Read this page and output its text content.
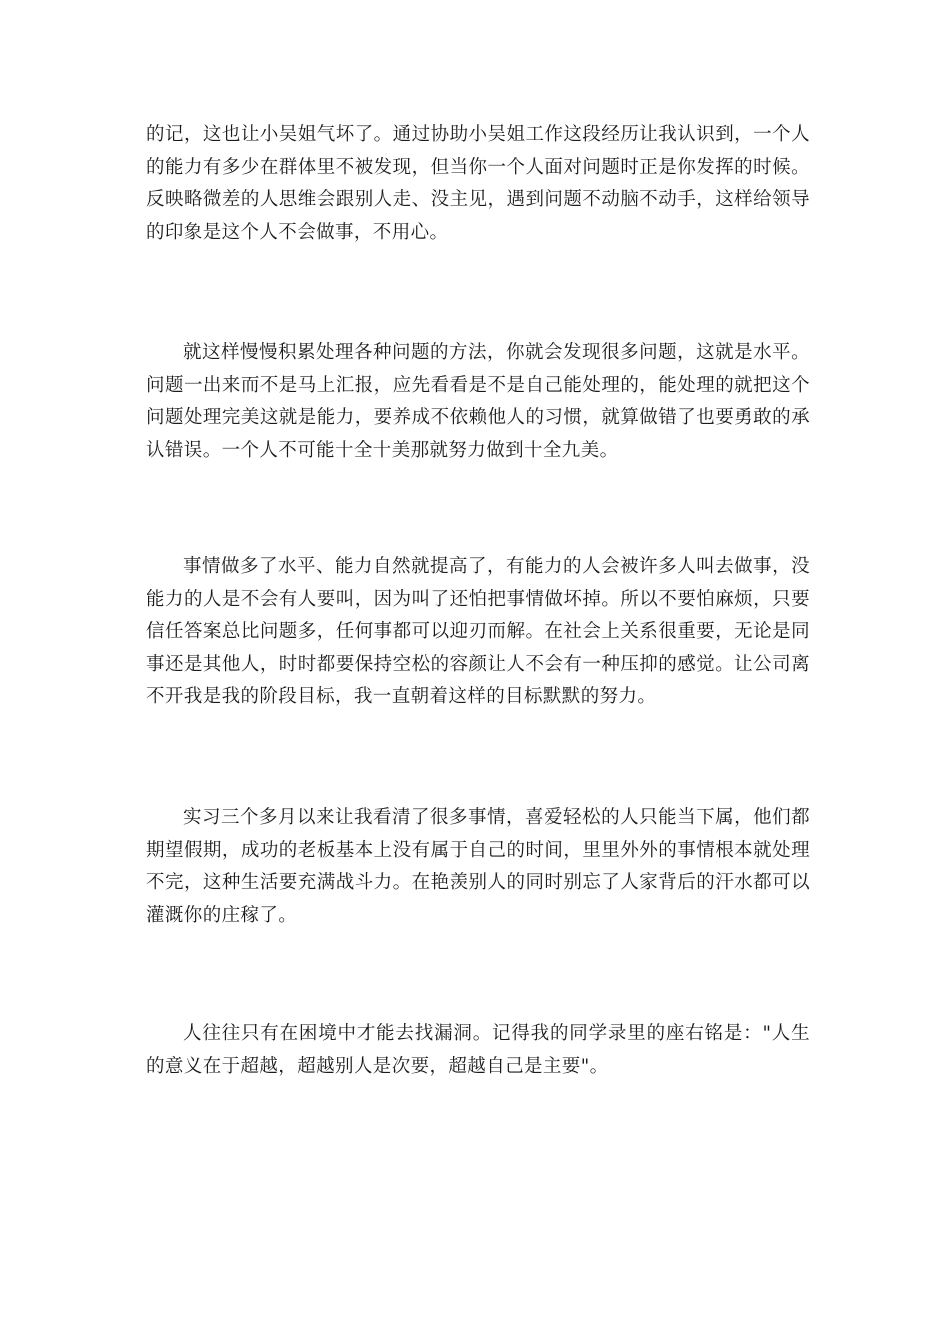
的记，这也让小吴姐气坏了。通过协助小吴姐工作这段经历让我认识到，一个人的能力有多少在群体里不被发现，但当你一个人面对问题时正是你发挥的时候。反映略微差的人思维会跟别人走、没主见，遇到问题不动脑不动手，这样给领导的印象是这个人不会做事，不用心。

就这样慢慢积累处理各种问题的方法，你就会发现很多问题，这就是水平。问题一出来而不是马上汇报，应先看看是不是自己能处理的，能处理的就把这个问题处理完美这就是能力，要养成不依赖他人的习惯，就算做错了也要勇敢的承认错误。一个人不可能十全十美那就努力做到十全九美。

事情做多了水平、能力自然就提高了，有能力的人会被许多人叫去做事，没能力的人是不会有人要叫，因为叫了还怕把事情做坏掉。所以不要怕麻烦，只要信任答案总比问题多，任何事都可以迎刃而解。在社会上关系很重要，无论是同事还是其他人，时时都要保持空松的容颜让人不会有一种压抑的感觉。让公司离不开我是我的阶段目标，我一直朝着这样的目标默默的努力。

实习三个多月以来让我看清了很多事情，喜爱轻松的人只能当下属，他们都期望假期，成功的老板基本上没有属于自己的时间，里里外外的事情根本就处理不完，这种生活要充满战斗力。在艳羡别人的同时别忘了人家背后的汗水都可以灌溉你的庄稼了。

人往往只有在困境中才能去找漏洞。记得我的同学录里的座右铭是："人生的意义在于超越，超越别人是次要，超越自己是主要"。
